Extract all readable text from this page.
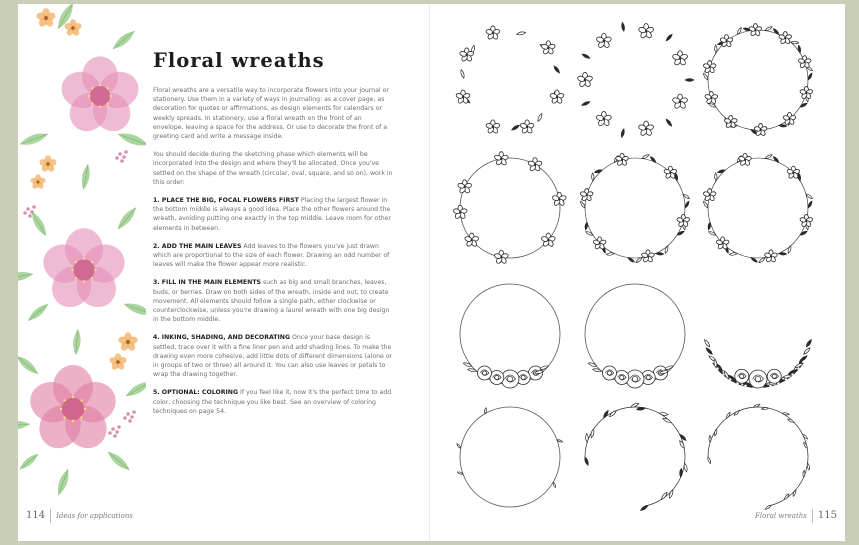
Floral wreaths

Floral wreaths are a versatile way to incorporate flowers into your journal or stationery. Use them in a variety of ways in journaling: as a cover page, as decoration for quotes or affirmations, as design elements for calendars or weekly spreads. In stationery, use a floral wreath on the front of an envelope, leaving a space for the address. Or use to decorate the front of a greeting card and write a message inside.

You should decide during the sketching phase which elements will be incorporated into the design and where they'll be allocated. Once you've settled on the shape of the wreath (circular, oval, square, and so on), work in this order:

1. PLACE THE BIG, FOCAL FLOWERS FIRST Placing the largest flower in the bottom middle is always a good idea. Place the other flowers around the wreath, avoiding putting one exactly in the top middle. Leave room for other elements in between.

2. ADD THE MAIN LEAVES Add leaves to the flowers you've just drawn which are proportional to the size of each flower. Drawing an odd number of leaves will make the flower appear more realistic.

3. FILL IN THE MAIN ELEMENTS such as big and small branches, leaves, buds, or berries. Draw on both sides of the wreath, inside and out, to create movement. All elements should follow a single path, either clockwise or counterclockwise, unless you're drawing a laurel wreath with one big design in the bottom middle.

4. INKING, SHADING, AND DECORATING Once your base design is settled, trace over it with a fine liner pen and add shading lines. To make the drawing even more cohesive, add little dots of different dimensions (alone or in groups of two or three) all around it. You can also use leaves or petals to wrap the drawing together.

5. OPTIONAL: COLORING If you feel like it, now it's the perfect time to add color, choosing the technique you like best. See an overview of coloring techniques on page 54.

114 Ideas for applications	Floral wreaths 115
